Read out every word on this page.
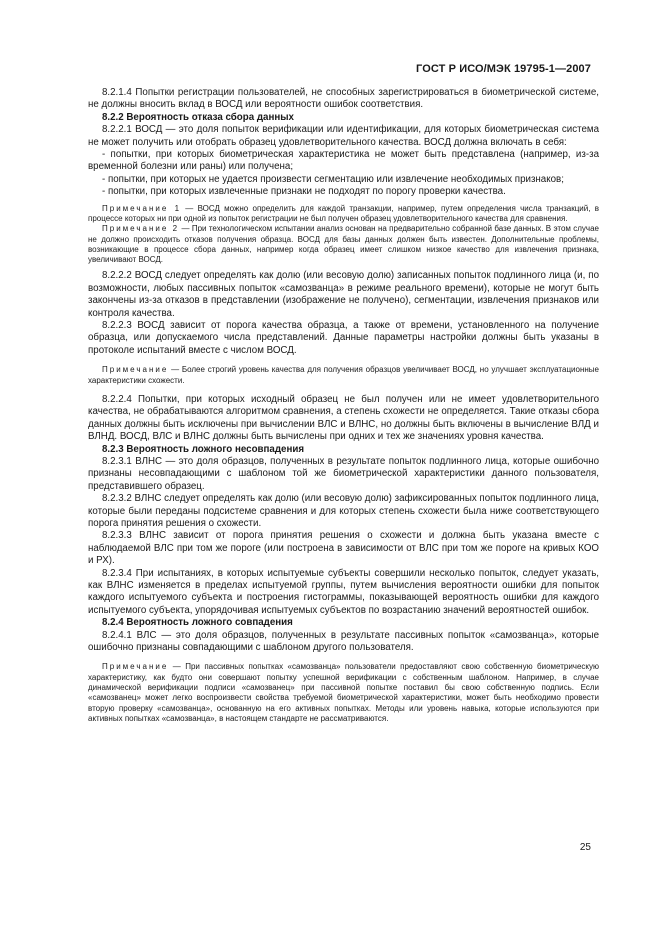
ГОСТ Р ИСО/МЭК 19795-1—2007

8.2.1.4 Попытки регистрации пользователей, не способных зарегистрироваться в биометрической системе, не должны вносить вклад в ВОСД или вероятности ошибок соответствия.

8.2.2 Вероятность отказа сбора данных

8.2.2.1 ВОСД — это доля попыток верификации или идентификации, для которых биометрическая система не может получить или отобрать образец удовлетворительного качества. ВОСД должна включать в себя:

- попытки, при которых биометрическая характеристика не может быть представлена (например, из-за временной болезни или раны) или получена;

- попытки, при которых не удается произвести сегментацию или извлечение необходимых признаков;

- попытки, при которых извлеченные признаки не подходят по порогу проверки качества.

Примечание 1 — ВОСД можно определить для каждой транзакции, например, путем определения числа транзакций, в процессе которых ни при одной из попыток регистрации не был получен образец удовлетворительного качества для сравнения.

Примечание 2 — При технологическом испытании анализ основан на предварительно собранной базе данных. В этом случае не должно происходить отказов получения образца. ВОСД для базы данных должен быть известен. Дополнительные проблемы, возникающие в процессе сбора данных, например когда образец имеет слишком низкое качество для извлечения признака, увеличивают ВОСД.

8.2.2.2 ВОСД следует определять как долю (или весовую долю) записанных попыток подлинного лица (и, по возможности, любых пассивных попыток «самозванца» в режиме реального времени), которые не могут быть закончены из-за отказов в представлении (изображение не получено), сегментации, извлечения признаков или контроля качества.

8.2.2.3 ВОСД зависит от порога качества образца, а также от времени, установленного на получение образца, или допускаемого числа представлений. Данные параметры настройки должны быть указаны в протоколе испытаний вместе с числом ВОСД.

Примечание — Более строгий уровень качества для получения образцов увеличивает ВОСД, но улучшает эксплуатационные характеристики схожести.

8.2.2.4 Попытки, при которых исходный образец не был получен или не имеет удовлетворительного качества, не обрабатываются алгоритмом сравнения, а степень схожести не определяется. Такие отказы сбора данных должны быть исключены при вычислении ВЛС и ВЛНС, но должны быть включены в вычисление ВЛД и ВЛНД. ВОСД, ВЛС и ВЛНС должны быть вычислены при одних и тех же значениях уровня качества.

8.2.3 Вероятность ложного несовпадения

8.2.3.1 ВЛНС — это доля образцов, полученных в результате попыток подлинного лица, которые ошибочно признаны несовпадающими с шаблоном той же биометрической характеристики данного пользователя, представившего образец.

8.2.3.2 ВЛНС следует определять как долю (или весовую долю) зафиксированных попыток подлинного лица, которые были переданы подсистеме сравнения и для которых степень схожести была ниже соответствующего порога принятия решения о схожести.

8.2.3.3 ВЛНС зависит от порога принятия решения о схожести и должна быть указана вместе с наблюдаемой ВЛС при том же пороге (или построена в зависимости от ВЛС при том же пороге на кривых КОО и РХ).

8.2.3.4 При испытаниях, в которых испытуемые субъекты совершили несколько попыток, следует указать, как ВЛНС изменяется в пределах испытуемой группы, путем вычисления вероятности ошибки для попыток каждого испытуемого субъекта и построения гистограммы, показывающей вероятность ошибки для каждого испытуемого субъекта, упорядочивая испытуемых субъектов по возрастанию значений вероятностей ошибок.

8.2.4 Вероятность ложного совпадения

8.2.4.1 ВЛС — это доля образцов, полученных в результате пассивных попыток «самозванца», которые ошибочно признаны совпадающими с шаблоном другого пользователя.

Примечание — При пассивных попытках «самозванца» пользователи предоставляют свою собственную биометрическую характеристику, как будто они совершают попытку успешной верификации с собственным шаблоном. Например, в случае динамической верификации подписи «самозванец» при пассивной попытке поставил бы свою собственную подпись. Если «самозванец» может легко воспроизвести свойства требуемой биометрической характеристики, может быть необходимо провести вторую проверку «самозванца», основанную на его активных попытках. Методы или уровень навыка, которые используются при активных попытках «самозванца», в настоящем стандарте не рассматриваются.

25
